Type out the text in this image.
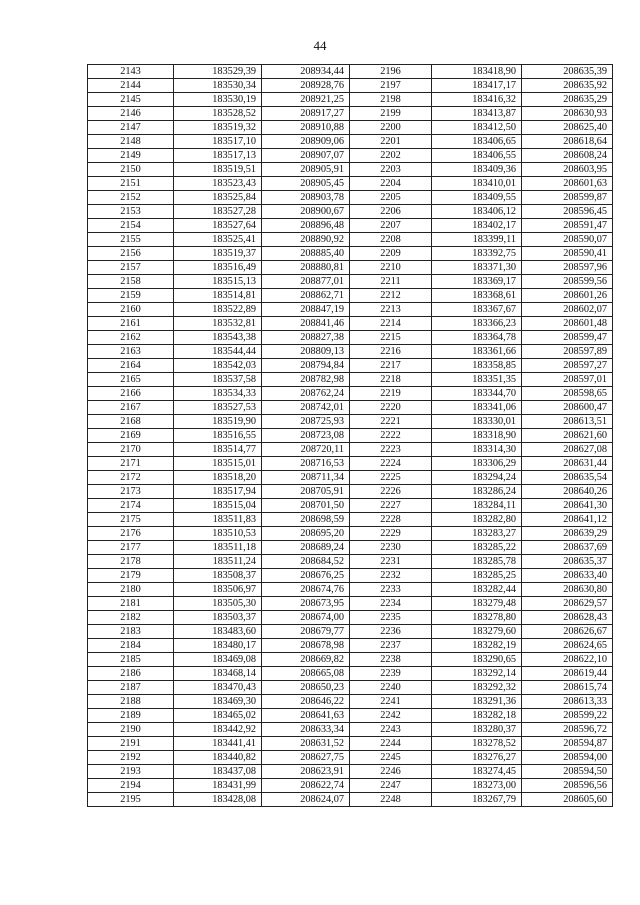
44
2143	183529,39	208934,44	2196	183418,90	208635,39
2144	183530,34	208928,76	2197	183417,17	208635,92
2145	183530,19	208921,25	2198	183416,32	208635,29
2146	183528,52	208917,27	2199	183413,87	208630,93
2147	183519,32	208910,88	2200	183412,50	208625,40
2148	183517,10	208909,06	2201	183406,65	208618,64
2149	183517,13	208907,07	2202	183406,55	208608,24
2150	183519,51	208905,91	2203	183409,36	208603,95
2151	183523,43	208905,45	2204	183410,01	208601,63
2152	183525,84	208903,78	2205	183409,55	208599,87
2153	183527,28	208900,67	2206	183406,12	208596,45
2154	183527,64	208896,48	2207	183402,17	208591,47
2155	183525,41	208890,92	2208	183399,11	208590,07
2156	183519,37	208885,40	2209	183392,75	208590,41
2157	183516,49	208880,81	2210	183371,30	208597,96
2158	183515,13	208877,01	2211	183369,17	208599,56
2159	183514,81	208862,71	2212	183368,61	208601,26
2160	183522,89	208847,19	2213	183367,67	208602,07
2161	183532,81	208841,46	2214	183366,23	208601,48
2162	183543,38	208827,38	2215	183364,78	208599,47
2163	183544,44	208809,13	2216	183361,66	208597,89
2164	183542,03	208794,84	2217	183358,85	208597,27
2165	183537,58	208782,98	2218	183351,35	208597,01
2166	183534,33	208762,24	2219	183344,70	208598,65
2167	183527,53	208742,01	2220	183341,06	208600,47
2168	183519,90	208725,93	2221	183330,01	208613,51
2169	183516,55	208723,08	2222	183318,90	208621,60
2170	183514,77	208720,11	2223	183314,30	208627,08
2171	183515,01	208716,53	2224	183306,29	208631,44
2172	183518,20	208711,34	2225	183294,24	208635,54
2173	183517,94	208705,91	2226	183286,24	208640,26
2174	183515,04	208701,50	2227	183284,11	208641,30
2175	183511,83	208698,59	2228	183282,80	208641,12
2176	183510,53	208695,20	2229	183283,27	208639,29
2177	183511,18	208689,24	2230	183285,22	208637,69
2178	183511,24	208684,52	2231	183285,78	208635,37
2179	183508,37	208676,25	2232	183285,25	208633,40
2180	183506,97	208674,76	2233	183282,44	208630,80
2181	183505,30	208673,95	2234	183279,48	208629,57
2182	183503,37	208674,00	2235	183278,80	208628,43
2183	183483,60	208679,77	2236	183279,60	208626,67
2184	183480,17	208678,98	2237	183282,19	208624,65
2185	183469,08	208669,82	2238	183290,65	208622,10
2186	183468,14	208665,08	2239	183292,14	208619,44
2187	183470,43	208650,23	2240	183292,32	208615,74
2188	183469,30	208646,22	2241	183291,36	208613,33
2189	183465,02	208641,63	2242	183282,18	208599,22
2190	183442,92	208633,34	2243	183280,37	208596,72
2191	183441,41	208631,52	2244	183278,52	208594,87
2192	183440,82	208627,75	2245	183276,27	208594,00
2193	183437,08	208623,91	2246	183274,45	208594,50
2194	183431,99	208622,74	2247	183273,00	208596,56
2195	183428,08	208624,07	2248	183267,79	208605,60
